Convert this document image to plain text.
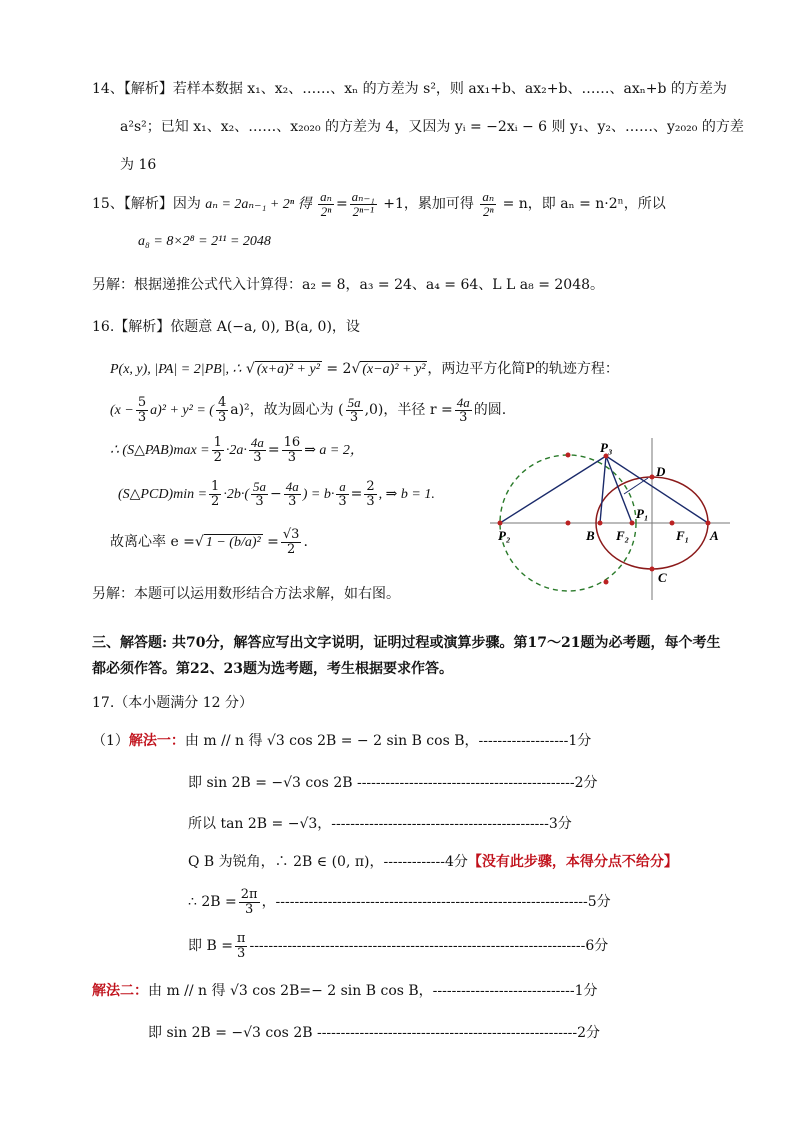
14、【解析】若样本数据 x₁、x₂、……、xₙ 的方差为 s²，则 ax₁+b、ax₂+b、……、axₙ+b 的方差为
a²s²；已知 x₁、x₂、……、x₂₀₂₀ 的方差为 4，又因为 yᵢ = −2xᵢ − 6 则 y₁、y₂、……、y₂₀₂₀ 的方差
为 16
15、【解析】因为 aₙ = 2aₙ₋₁ + 2ⁿ 得 $\frac{\text{aₙ}}{\text{2ⁿ}} = \frac{\text{aₙ₋₁}}{\text{2ⁿ⁻¹}} +1$，累加可得 $\frac{\text{aₙ}}{\text{2ⁿ}} = n$，即 aₙ = n·2ⁿ，所以
a₈ = 8×2⁸ = 2¹¹ = 2048
另解：根据递推公式代入计算得：a₂ = 8，a₃ = 24、a₄ = 64、L L a₈ = 2048。
16.【解析】依题意 A(−a, 0), B(a, 0)，设
P(x, y), |PA| = 2|PB|, ∴ √ (x+a)² + y² = 2√ (x−a)² + y² ，两边平方化简P的轨迹方程：
$(x - \frac{5}{3} a)^2 + y^2$ = ( $\frac{4}{3} a)^2$，故为圆心为 ( $\frac{5a}{3} ,0$)，半径 $r = \frac{4a}{3}$ 的圆.
∴ (S△PAB)max = $\frac{1}{2} \cdot 2a\cdot \frac{4a}{3} = \frac{16}{3}$ ⇒ a = 2，
(S△PCD)min = $\frac{1}{2} \cdot 2b\cdot( \frac{5a}{3} - \frac{4a}{3}$ ) = $b\cdot \frac{a}{3} = \frac{2}{3}$ , ⇒ b = 1.
故离心率 e =√ $1 - (b/a)^2 = \frac{√3}{2}$ .
另解：本题可以运用数形结合方法求解，如右图。
P₃
D
P₁
P₂	B F₂	F₁ A
C
三、解答题: 共70分，解答应写出文字说明，证明过程或演算步骤。第17～21题为必考题，每个考生
都必须作答。第22、23题为选考题，考生根据要求作答。
17.（本小题满分 12 分）
（1）解法一：由 m // n 得 √3 cos 2B = − 2 sin B cos B，-------------------1分
即 sin 2B = −√3 cos 2B ----------------------------------------------2分
所以 tan 2B = −√3，----------------------------------------------3分
Q B 为锐角，∴ 2B ∈ (0, π)，-------------4分【没有此步骤，本得分点不给分】
∴ $2B = \frac{2\pi}{3}$ ，------------------------------------------------------------------5分
即 $B = \frac{\pi}{3} -----------------------------------------------------------------------6$分
解法二：由 m // n 得 √3 cos 2B=− 2 sin B cos B，------------------------------1分
即 sin 2B = −√3 cos 2B -------------------------------------------------------2分
